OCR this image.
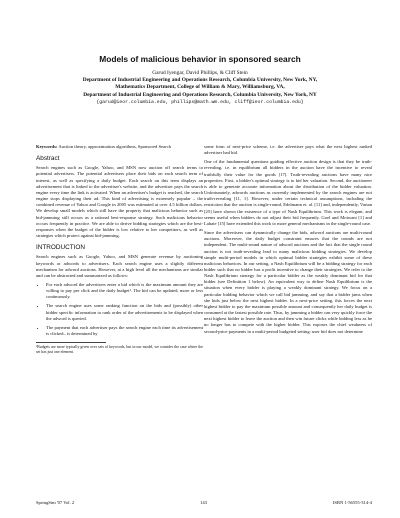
Models of malicious behavior in sponsored search
Garud Iyengar, David Phillips, & Cliff Stein
Department of Industrial Engineering and Operations Research, Columbia University, New York, NY,
Mathematics Department, College of William & Mary, Williamsburg, VA,
Department of Industrial Engineering and Operations Research, Columbia University, New York, NY
{garud@ieor.columbia.edu, phillips@math.wm.edu, cliff@ieor.columbia.edu}
Keywords: Auction theory, approximation algorithms, Sponsored Search
Abstract

Search engines such as Google, Yahoo, and MSN now auction off search terms to potential advertisers. The potential advertisers place their bids on each search term of interest, as well as specifying a daily budget. Each search on this term displays an advertisement that is linked to the advertiser's website, and the advertiser pays the search engine every time the link is activated. When an advertiser's budget is reached, the search engine stops displaying their ad. This kind of advertising is extremely popular – the combined revenue of Yahoo and Google in 2005 was estimated at over 4.5 billion dollars. We develop small models which still have the property that malicious behavior such as bid-jamming still occurs as a rational best-response strategy. Such malicious behavior occurs frequently in practice. We are able to derive bidding strategies which are the best-responses when the budget of the bidder is low relative to her competitors, as well as strategies which protect against bid-jamming.

INTRODUCTION

Search engines such as Google, Yahoo, and MSN generate revenue by auctioning keywords or adwords to advertisers. Each search engine uses a slightly different mechanism for adword auctions. However, at a high level all the mechanisms are similar and can be abstracted and summarized as follows:

• For each adword the advertisers enter a bid which is the maximum amount they are willing to pay per click and the daily budget¹. The bid can be updated, more or less continuously.
• The search engine uses some ranking function on the bids and (possibly) other bidder specific information to rank order of the advertisements to be displayed when the adword is queried.
• The payment that each advertiser pays the search engine each time its advertisement is clicked– is determined by
¹Budgets are more typically given over sets of keywords, but in our model, we consider the case where the set has just one element.

some form of next-price scheme, i.e. the advertiser pays what the next highest ranked advertiser had bid.

One of the fundamental questions guiding effective auction design is that they be truth-revealing, i.e. in equilibrium all bidders in the auction have the incentive to reveal truthfully their value for the goods [17]. Truth-revealing auctions have many nice properties. First, a bidder's optimal strategy is to bid her valuation. Second, the auctioneer is able to generate accurate information about the distribution of the bidder valuation. Unfortunately, adwords auctions as currently implemented by the search engines are not truth-revealing [11, 1]. However, under certain technical assumptions, including the restriction that the auction is single-round, Edelmann et. al. [11] and, independently, Varian [25] have shown the existence of a type of Nash Equilibrium. This work is elegant, and seems useful when bidders do not adjust their bid frequently. Goel and Motwani [1] and Lahaie [15] have extended this work to more general mechanisms in the single-round case.

Since the advertisers can dynamically change the bids, adword auctions are multi-round auctions. Moreover, the daily budget constraint ensures that the rounds are not independent. The multi-round nature of adword auctions and the fact that the single round auction is not truth-revealing lead to many malicious bidding strategies. We develop simple multi-period models in which optimal bidder strategies exhibit some of these malicious behaviors. In our setting, a Nash Equilibrium will be a bidding strategy for each bidder such that no bidder has a profit incentive to change their strategies. We refer to the Nash Equilibrium strategy for a particular bidder as the weakly dominant bid for that bidder (see Definition 1 below). An equivalent way to define Nash Equilibrium is the situation when every bidder is playing a weakly dominant strategy. We focus on a particular bidding behavior which we call bid jamming, and say that a bidder jams when she bids just below the next highest bidder. In a next-price setting, this forces the next highest bidder to pay the maximum possible amount and consequently her daily budget is consumed at the fastest possible rate. Thus, by jamming a bidder can very quickly force the next highest bidder to leave the auction and then win future clicks while bidding less as he no longer has to compete with the higher bidder. This exposes the chief weakness of second-price payments in a multi-period budgeted setting: user bid does not determine

SpringSim '07 Vol. 2	143	ISBN 1-56555-314-4
